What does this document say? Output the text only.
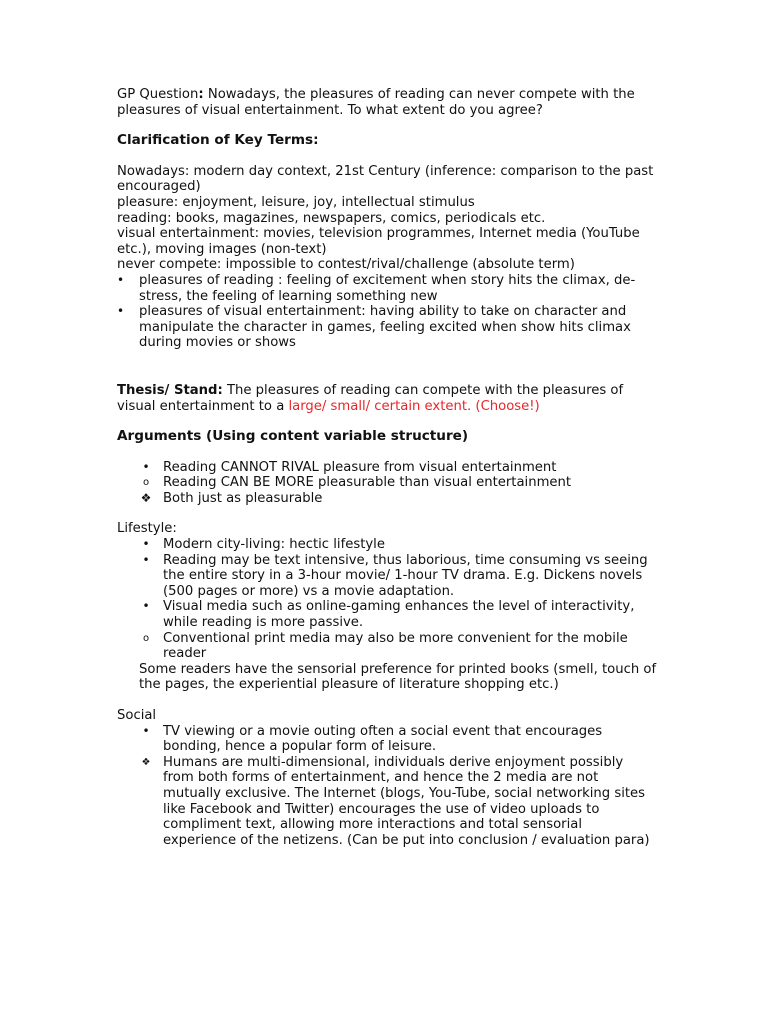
GP Question: Nowadays, the pleasures of reading can never compete with the pleasures of visual entertainment. To what extent do you agree?

Clarification of Key Terms:

Nowadays: modern day context, 21st Century (inference: comparison to the past encouraged)

pleasure: enjoyment, leisure, joy, intellectual stimulus

reading: books, magazines, newspapers, comics, periodicals etc.

visual entertainment: movies, television programmes, Internet media (YouTube etc.), moving images (non-text)

never compete: impossible to contest/rival/challenge (absolute term)

• pleasures of reading : feeling of excitement when story hits the climax, de-stress, the feeling of learning something new
• pleasures of visual entertainment: having ability to take on character and manipulate the character in games, feeling excited when show hits climax during movies or shows

Thesis/ Stand: The pleasures of reading can compete with the pleasures of visual entertainment to a large/ small/ certain extent. (Choose!)

Arguments (Using content variable structure)

• Reading CANNOT RIVAL pleasure from visual entertainment
o Reading CAN BE MORE pleasurable than visual entertainment
❖ Both just as pleasurable

Lifestyle:

• Modern city-living: hectic lifestyle
• Reading may be text intensive, thus laborious, time consuming vs seeing the entire story in a 3-hour movie/ 1-hour TV drama. E.g. Dickens novels (500 pages or more) vs a movie adaptation.
• Visual media such as online-gaming enhances the level of interactivity, while reading is more passive.
o Conventional print media may also be more convenient for the mobile reader
Some readers have the sensorial preference for printed books (smell, touch of the pages, the experiential pleasure of literature shopping etc.)

Social

• TV viewing or a movie outing often a social event that encourages bonding, hence a popular form of leisure.
❖ Humans are multi-dimensional, individuals derive enjoyment possibly from both forms of entertainment, and hence the 2 media are not mutually exclusive. The Internet (blogs, You-Tube, social networking sites like Facebook and Twitter) encourages the use of video uploads to compliment text, allowing more interactions and total sensorial experience of the netizens. (Can be put into conclusion / evaluation para)
